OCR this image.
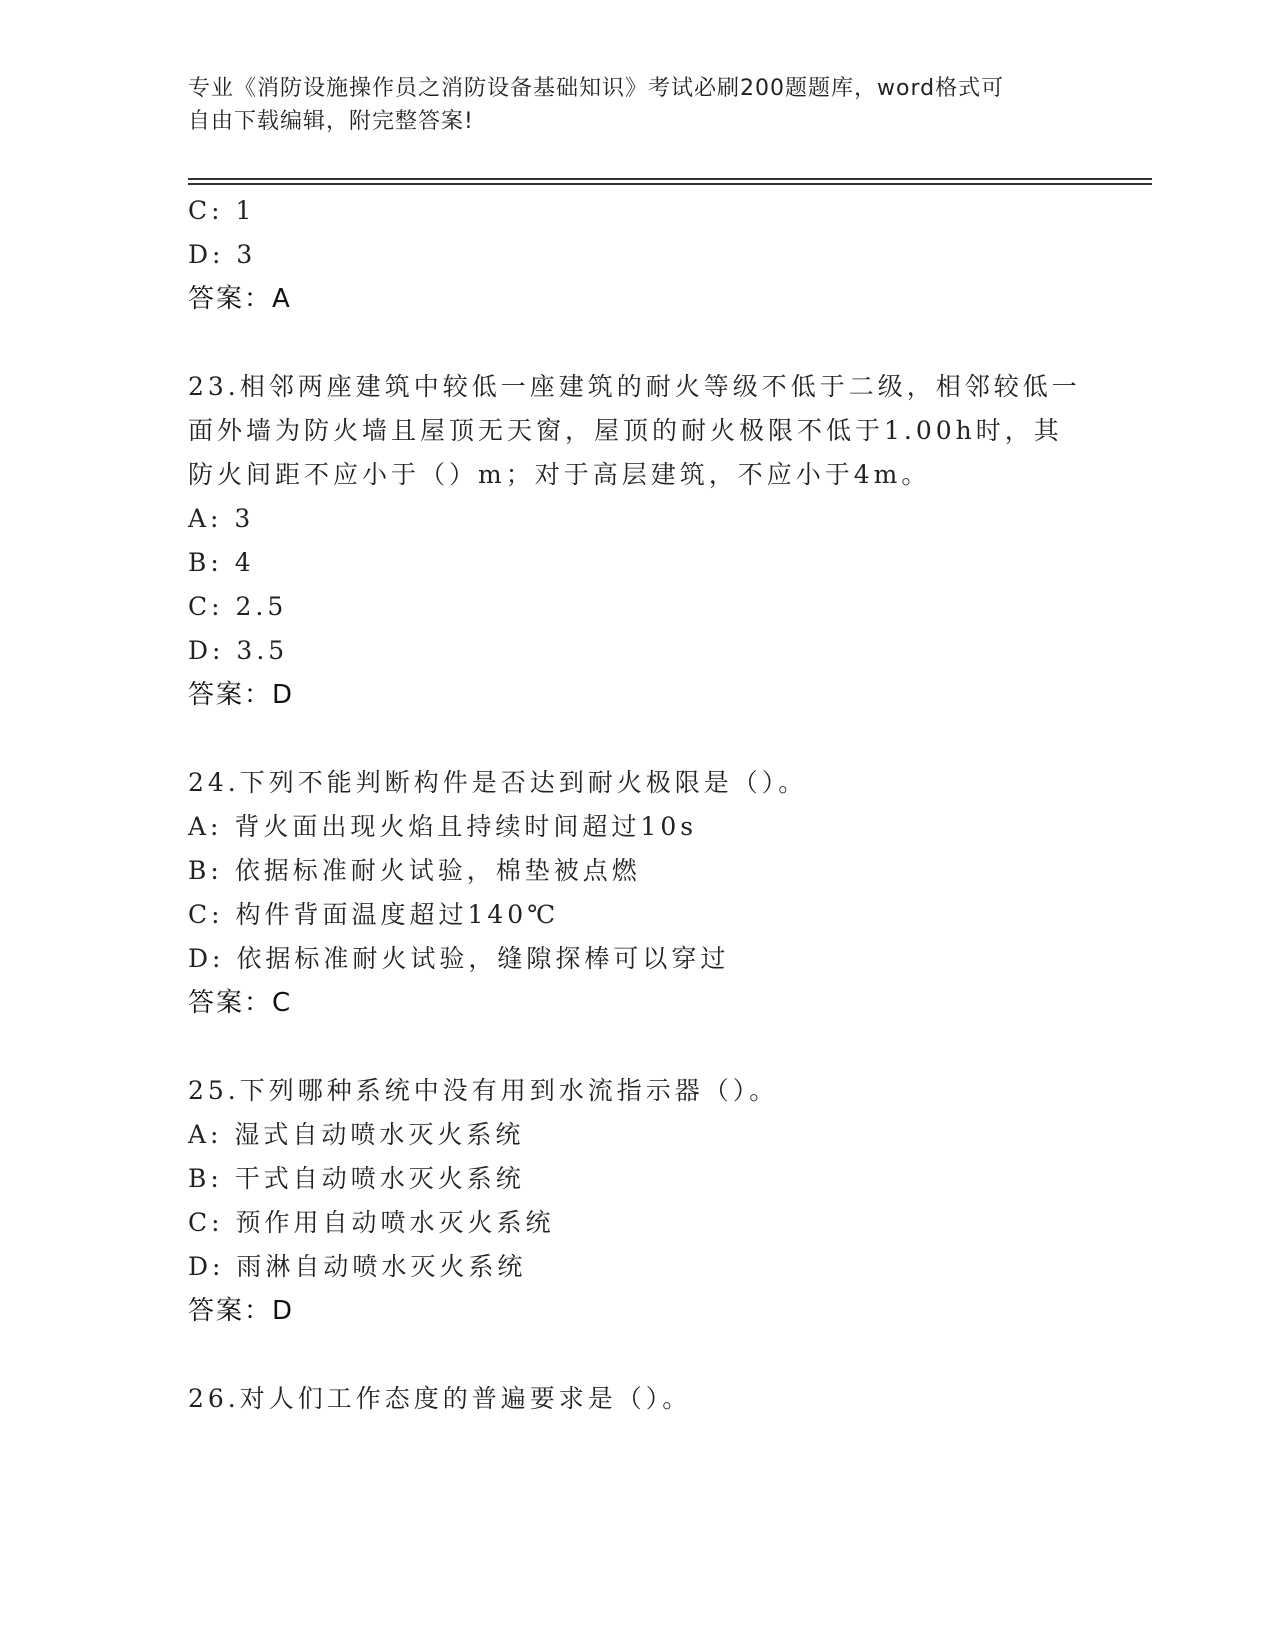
专业《消防设施操作员之消防设备基础知识》考试必刷200题题库，word格式可

自由下载编辑，附完整答案!

C: 1

D: 3

答案：A

23.相邻两座建筑中较低一座建筑的耐火等级不低于二级，相邻较低一

面外墙为防火墙且屋顶无天窗，屋顶的耐火极限不低于1.00h时，其

防火间距不应小于（）m；对于高层建筑，不应小于4m。

A: 3

B: 4

C: 2.5

D: 3.5

答案：D

24.下列不能判断构件是否达到耐火极限是（）。

A: 背火面出现火焰且持续时间超过10s

B: 依据标准耐火试验，棉垫被点燃

C: 构件背面温度超过140℃

D: 依据标准耐火试验，缝隙探棒可以穿过

答案：C

25.下列哪种系统中没有用到水流指示器（）。

A: 湿式自动喷水灭火系统

B: 干式自动喷水灭火系统

C: 预作用自动喷水灭火系统

D: 雨淋自动喷水灭火系统

答案：D

26.对人们工作态度的普遍要求是（）。
